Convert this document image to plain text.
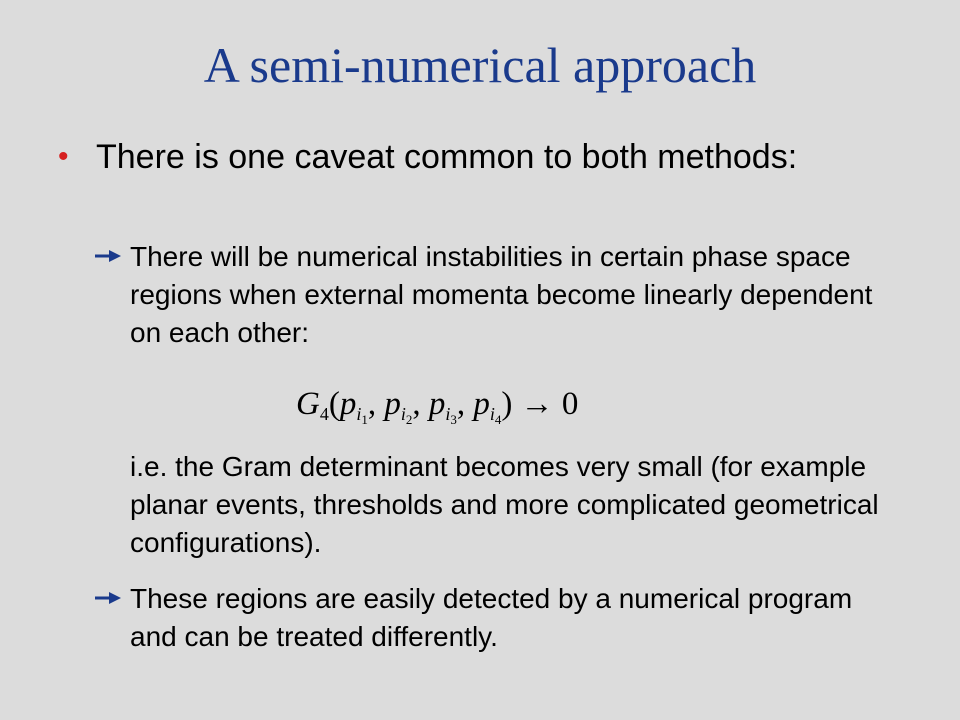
A semi-numerical approach
• There is one caveat common to both methods:
There will be numerical instabilities in certain phase space regions when external momenta become linearly dependent on each other:
$G_4(p_{i_1}$, $p_{i_2}$, $p_{i_3}$, $p_{i_4}) \to 0$
i.e. the Gram determinant becomes very small (for example planar events, thresholds and more complicated geometrical configurations).
These regions are easily detected by a numerical program and can be treated differently.
